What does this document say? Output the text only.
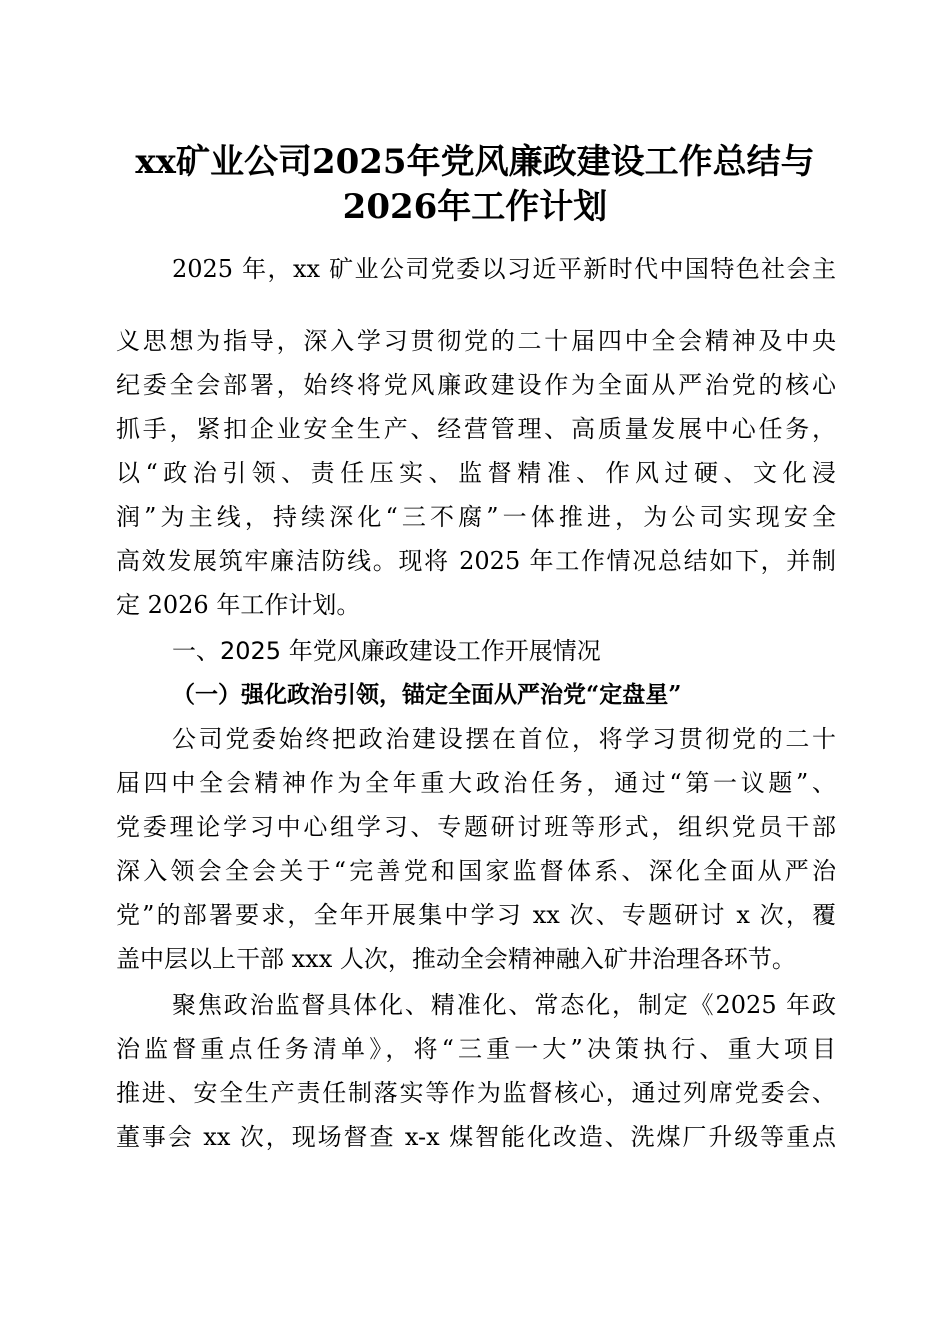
xx矿业公司2025年党风廉政建设工作总结与
2026年工作计划

2025 年，xx 矿业公司党委以习近平新时代中国特色社会主

义思想为指导，深入学习贯彻党的二十届四中全会精神及中央

纪委全会部署，始终将党风廉政建设作为全面从严治党的核心

抓手，紧扣企业安全生产、经营管理、高质量发展中心任务，

以“政治引领、责任压实、监督精准、作风过硬、文化浸

润”为主线，持续深化“三不腐”一体推进，为公司实现安全

高效发展筑牢廉洁防线。现将 2025 年工作情况总结如下，并制

定 2026 年工作计划。

一、2025 年党风廉政建设工作开展情况

（一）强化政治引领，锚定全面从严治党“定盘星”

公司党委始终把政治建设摆在首位，将学习贯彻党的二十

届四中全会精神作为全年重大政治任务，通过“第一议题”、

党委理论学习中心组学习、专题研讨班等形式，组织党员干部

深入领会全会关于“完善党和国家监督体系、深化全面从严治

党”的部署要求，全年开展集中学习 xx 次、专题研讨 x 次，覆

盖中层以上干部 xxx 人次，推动全会精神融入矿井治理各环节。

聚焦政治监督具体化、精准化、常态化，制定《2025 年政

治监督重点任务清单》，将“三重一大”决策执行、重大项目

推进、安全生产责任制落实等作为监督核心，通过列席党委会、

董事会 xx 次，现场督查 x-x 煤智能化改造、洗煤厂升级等重点
